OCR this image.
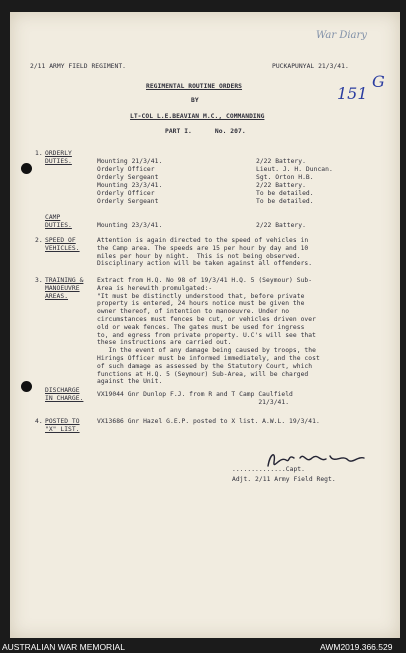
War Diary
151
G
2/11 ARMY FIELD REGIMENT.	PUCKAPUNYAL 21/3/41.
REGIMENTAL ROUTINE ORDERS
BY
LT-COL L.E.BEAVIAN M.C., COMMANDING
PART I.      No. 207.
1. ORDERLY
DUTIES.	Mounting 21/3/41.	2/22 Battery.
Orderly Officer	Lieut. J. H. Duncan.
Orderly Sergeant	Sgt. Orton H.B.
Mounting 23/3/41.	2/22 Battery.
Orderly Officer	To be detailed.
Orderly Sergeant	To be detailed.
CAMP
DUTIES.	Mounting 23/3/41.	2/22 Battery.
2. SPEED OF
VEHICLES.
Attention is again directed to the speed of vehicles in
the Camp area. The speeds are 15 per hour by day and 10
miles per hour by night.  This is not being observed.
Disciplinary action will be taken against all offenders.
3. TRAINING &
MANOEUVRE
AREAS.
Extract from H.Q. No 98 of 19/3/41 H.Q. 5 (Seymour) Sub-
Area is herewith promulgated:-
"It must be distinctly understood that, before private
property is entered, 24 hours notice must be given the
owner thereof, of intention to manoeuvre. Under no
circumstances must fences be cut, or vehicles driven over
old or weak fences. The gates must be used for ingress
to, and egress from private property. U.C's will see that
these instructions are carried out.
In the event of any damage being caused by troops, the
Hirings Officer must be informed immediately, and the cost
of such damage as assessed by the Statutory Court, which
functions at H.Q. 5 (Seymour) Sub-Area, will be charged
against the Unit.
DISCHARGE
IN CHARGE.
VX19044 Gnr Dunlop F.J. from R and T Camp Caulfield
21/3/41.
4. POSTED TO
"X" LIST.
VX13686 Gnr Hazel G.E.P. posted to X list. A.W.L. 19/3/41.
..............Capt.
Adjt. 2/11 Army Field Regt.
AUSTRALIAN WAR MEMORIAL	AWM2019.366.529
